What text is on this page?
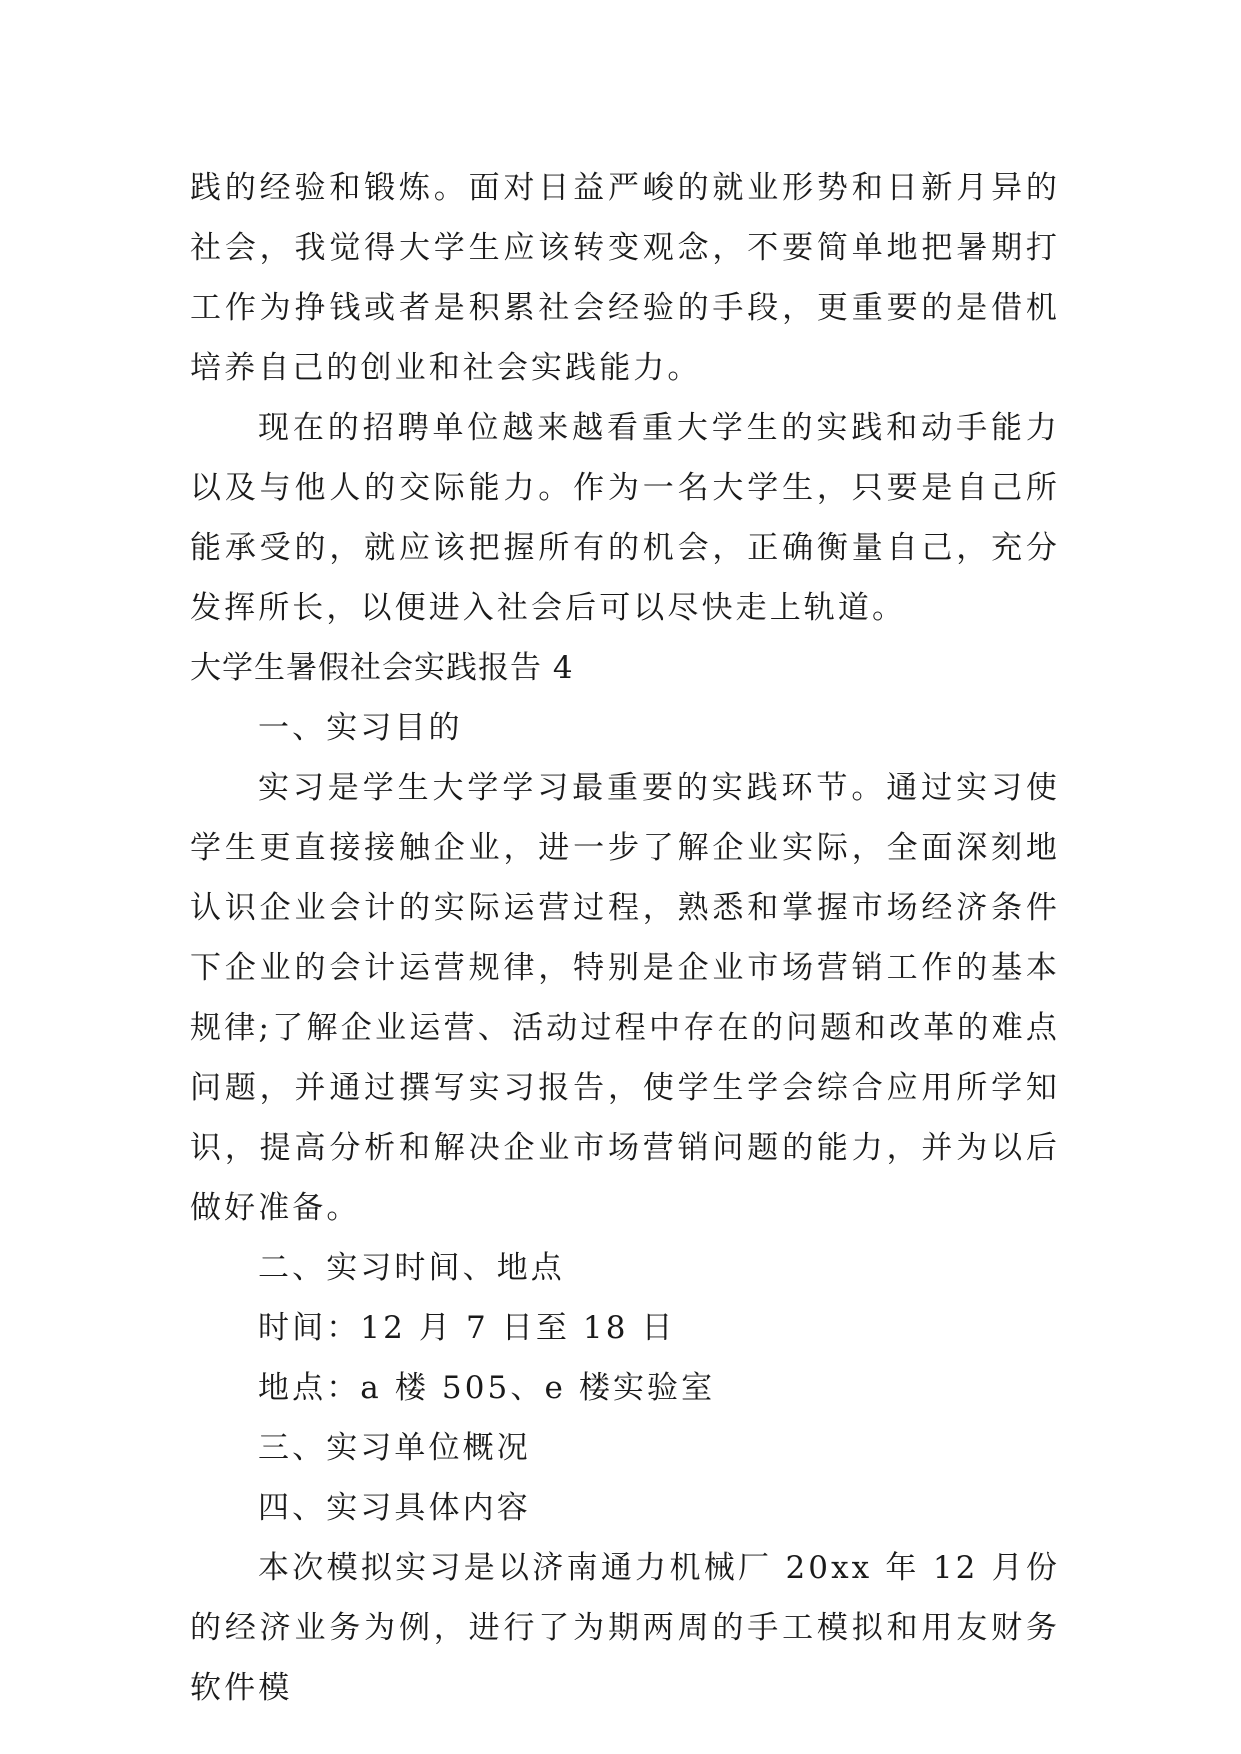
践的经验和锻炼。面对日益严峻的就业形势和日新月异的社会，我觉得大学生应该转变观念，不要简单地把暑期打工作为挣钱或者是积累社会经验的手段，更重要的是借机培养自己的创业和社会实践能力。

现在的招聘单位越来越看重大学生的实践和动手能力以及与他人的交际能力。作为一名大学生，只要是自己所能承受的，就应该把握所有的机会，正确衡量自己，充分发挥所长，以便进入社会后可以尽快走上轨道。

大学生暑假社会实践报告 4

一、实习目的

实习是学生大学学习最重要的实践环节。通过实习使学生更直接接触企业，进一步了解企业实际，全面深刻地认识企业会计的实际运营过程，熟悉和掌握市场经济条件下企业的会计运营规律，特别是企业市场营销工作的基本规律;了解企业运营、活动过程中存在的问题和改革的难点问题，并通过撰写实习报告，使学生学会综合应用所学知识，提高分析和解决企业市场营销问题的能力，并为以后做好准备。

二、实习时间、地点

时间：12 月 7 日至 18 日

地点：a 楼 505、e 楼实验室

三、实习单位概况

四、实习具体内容

本次模拟实习是以济南通力机械厂 20xx 年 12 月份的经济业务为例，进行了为期两周的手工模拟和用友财务软件模
